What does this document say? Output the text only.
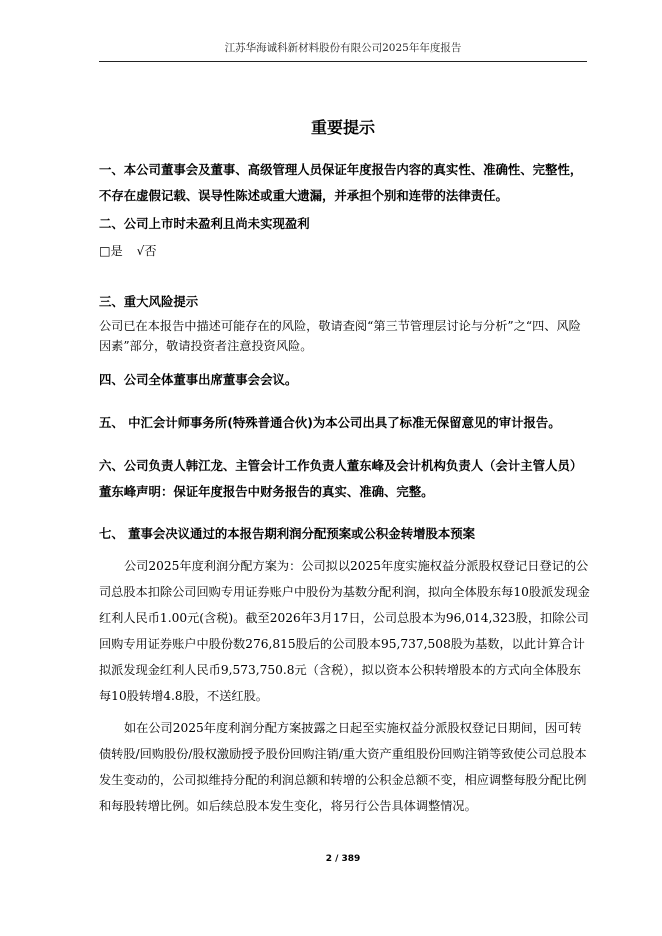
江苏华海诚科新材料股份有限公司2025年年度报告
重要提示

一、本公司董事会及董事、高级管理人员保证年度报告内容的真实性、准确性、完整性，不存在虚假记载、误导性陈述或重大遗漏，并承担个别和连带的法律责任。

二、公司上市时未盈利且尚未实现盈利

□是 √否

三、重大风险提示

公司已在本报告中描述可能存在的风险，敬请查阅“第三节管理层讨论与分析”之“四、风险因素”部分，敬请投资者注意投资风险。

四、公司全体董事出席董事会会议。

五、 中汇会计师事务所(特殊普通合伙)为本公司出具了标准无保留意见的审计报告。

六、公司负责人韩江龙、主管会计工作负责人董东峰及会计机构负责人（会计主管人员）董东峰声明：保证年度报告中财务报告的真实、准确、完整。

七、 董事会决议通过的本报告期利润分配预案或公积金转增股本预案

公司2025年度利润分配方案为：公司拟以2025年度实施权益分派股权登记日登记的公司总股本扣除公司回购专用证券账户中股份为基数分配利润，拟向全体股东每10股派发现金红利人民币1.00元(含税)。截至2026年3月17日，公司总股本为96,014,323股，扣除公司回购专用证券账户中股份数276,815股后的公司股本95,737,508股为基数，以此计算合计拟派发现金红利人民币9,573,750.8元（含税），拟以资本公积转增股本的方式向全体股东每10股转增4.8股，不送红股。

如在公司2025年度利润分配方案披露之日起至实施权益分派股权登记日期间，因可转债转股/回购股份/股权激励授予股份回购注销/重大资产重组股份回购注销等致使公司总股本发生变动的，公司拟维持分配的利润总额和转增的公积金总额不变，相应调整每股分配比例和每股转增比例。如后续总股本发生变化，将另行公告具体调整情况。

2 / 389
